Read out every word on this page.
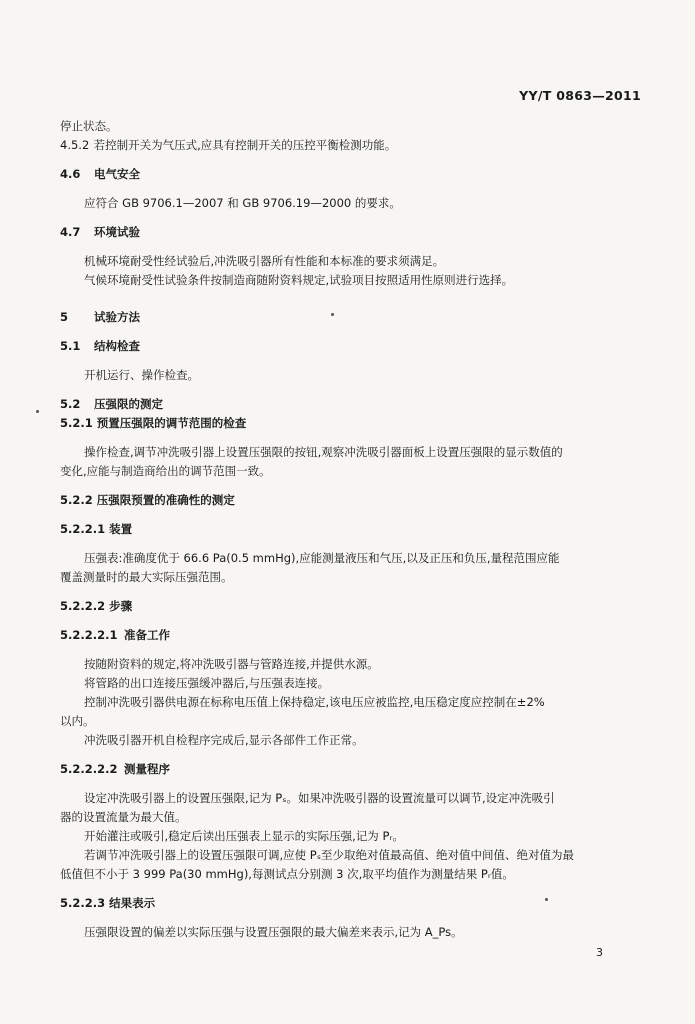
YY/T 0863—2011
停止状态。
4.5.2 若控制开关为气压式,应具有控制开关的压控平衡检测功能。
4.6 电气安全
应符合 GB 9706.1—2007 和 GB 9706.19—2000 的要求。
4.7 环境试验
机械环境耐受性经试验后,冲洗吸引器所有性能和本标准的要求须满足。
气候环境耐受性试验条件按制造商随附资料规定,试验项目按照适用性原则进行选择。
5 试验方法
5.1 结构检查
开机运行、操作检查。
5.2 压强限的测定
5.2.1 预置压强限的调节范围的检查
操作检查,调节冲洗吸引器上设置压强限的按钮,观察冲洗吸引器面板上设置压强限的显示数值的
变化,应能与制造商给出的调节范围一致。
5.2.2 压强限预置的准确性的测定
5.2.2.1 装置
压强表:准确度优于 66.6 Pa(0.5 mmHg),应能测量液压和气压,以及正压和负压,量程范围应能
覆盖测量时的最大实际压强范围。
5.2.2.2 步骤
5.2.2.2.1 准备工作
按随附资料的规定,将冲洗吸引器与管路连接,并提供水源。
将管路的出口连接压强缓冲器后,与压强表连接。
控制冲洗吸引器供电源在标称电压值上保持稳定,该电压应被监控,电压稳定度应控制在±2%
以内。
冲洗吸引器开机自检程序完成后,显示各部件工作正常。
5.2.2.2.2 测量程序
设定冲洗吸引器上的设置压强限,记为 Pₛ。如果冲洗吸引器的设置流量可以调节,设定冲洗吸引
器的设置流量为最大值。
开始灌注或吸引,稳定后读出压强表上显示的实际压强,记为 Pᵣ。
若调节冲洗吸引器上的设置压强限可调,应使 Pₛ至少取绝对值最高值、绝对值中间值、绝对值为最
低值但不小于 3 999 Pa(30 mmHg),每测试点分别测 3 次,取平均值作为测量结果 Pᵣ值。
5.2.2.3 结果表示
压强限设置的偏差以实际压强与设置压强限的最大偏差来表示,记为 A_Ps。
3
